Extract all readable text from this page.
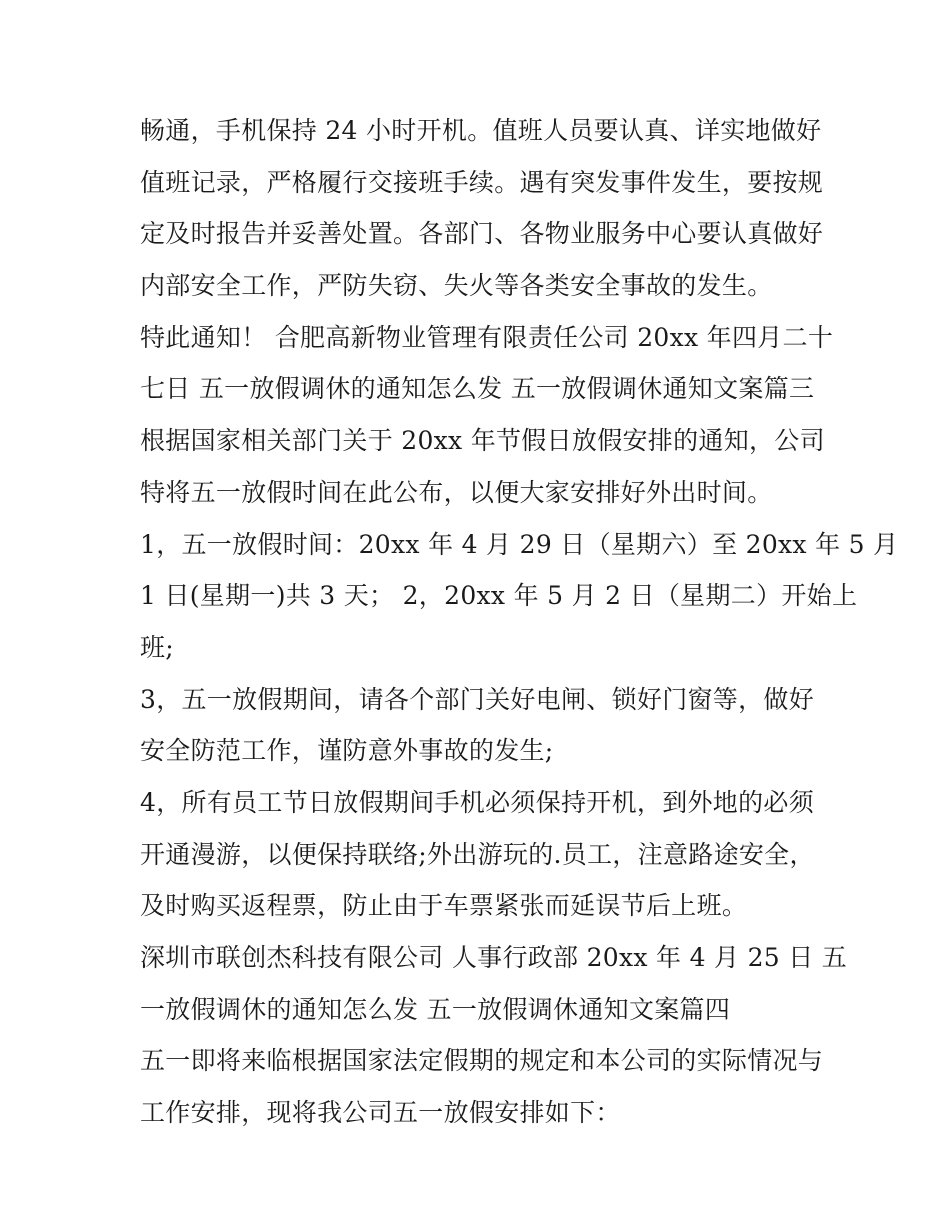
畅通，手机保持 24 小时开机。值班人员要认真、详实地做好
值班记录，严格履行交接班手续。遇有突发事件发生，要按规
定及时报告并妥善处置。各部门、各物业服务中心要认真做好
内部安全工作，严防失窃、失火等各类安全事故的发生。
特此通知！ 合肥高新物业管理有限责任公司 20xx 年四月二十
七日 五一放假调休的通知怎么发 五一放假调休通知文案篇三
根据国家相关部门关于 20xx 年节假日放假安排的通知，公司
特将五一放假时间在此公布，以便大家安排好外出时间。
1，五一放假时间：20xx 年 4 月 29 日（星期六）至 20xx 年 5 月
1 日(星期一)共 3 天； 2，20xx 年 5 月 2 日（星期二）开始上
班;
3，五一放假期间，请各个部门关好电闸、锁好门窗等，做好
安全防范工作，谨防意外事故的发生;
4，所有员工节日放假期间手机必须保持开机，到外地的必须
开通漫游，以便保持联络;外出游玩的.员工，注意路途安全，
及时购买返程票，防止由于车票紧张而延误节后上班。
深圳市联创杰科技有限公司 人事行政部 20xx 年 4 月 25 日 五
一放假调休的通知怎么发 五一放假调休通知文案篇四
五一即将来临根据国家法定假期的规定和本公司的实际情况与
工作安排，现将我公司五一放假安排如下：
